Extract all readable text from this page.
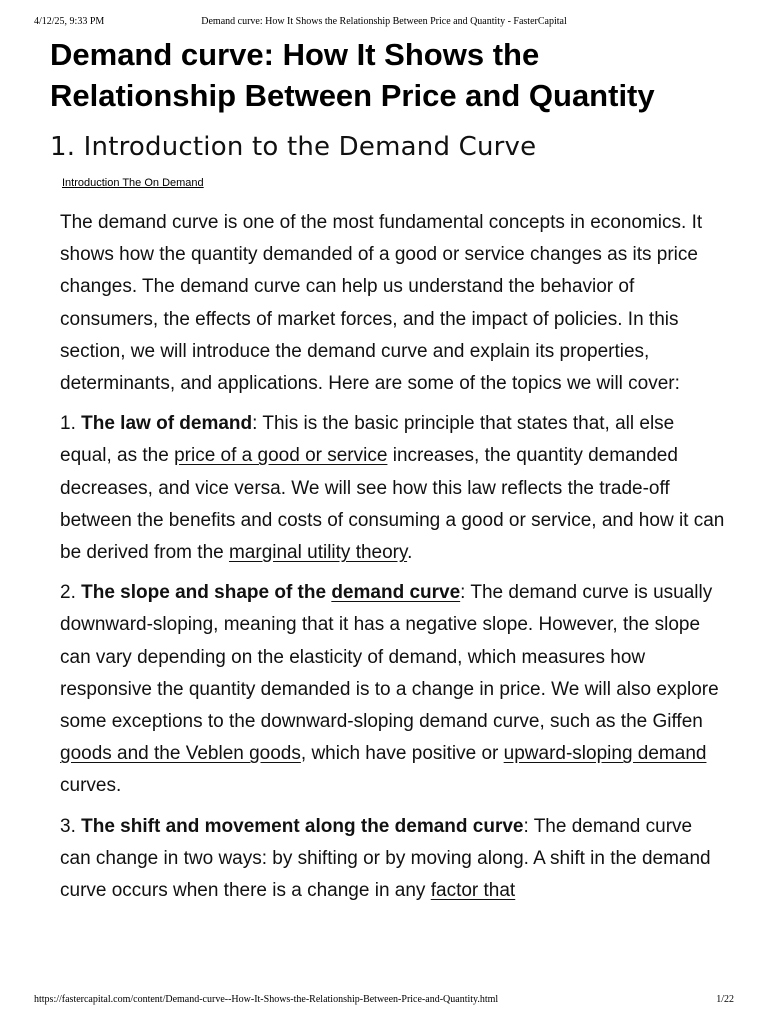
4/12/25, 9:33 PM	Demand curve: How It Shows the Relationship Between Price and Quantity - FasterCapital
Demand curve: How It Shows the Relationship Between Price and Quantity
1. Introduction to the Demand Curve
Introduction The On Demand

The demand curve is one of the most fundamental concepts in economics. It shows how the quantity demanded of a good or service changes as its price changes. The demand curve can help us understand the behavior of consumers, the effects of market forces, and the impact of policies. In this section, we will introduce the demand curve and explain its properties, determinants, and applications. Here are some of the topics we will cover:

1. The law of demand: This is the basic principle that states that, all else equal, as the price of a good or service increases, the quantity demanded decreases, and vice versa. We will see how this law reflects the trade-off between the benefits and costs of consuming a good or service, and how it can be derived from the marginal utility theory.

2. The slope and shape of the demand curve: The demand curve is usually downward-sloping, meaning that it has a negative slope. However, the slope can vary depending on the elasticity of demand, which measures how responsive the quantity demanded is to a change in price. We will also explore some exceptions to the downward-sloping demand curve, such as the Giffen goods and the Veblen goods, which have positive or upward-sloping demand curves.

3. The shift and movement along the demand curve: The demand curve can change in two ways: by shifting or by moving along. A shift in the demand curve occurs when there is a change in any factor that

https://fastercapital.com/content/Demand-curve--How-It-Shows-the-Relationship-Between-Price-and-Quantity.html	1/22
